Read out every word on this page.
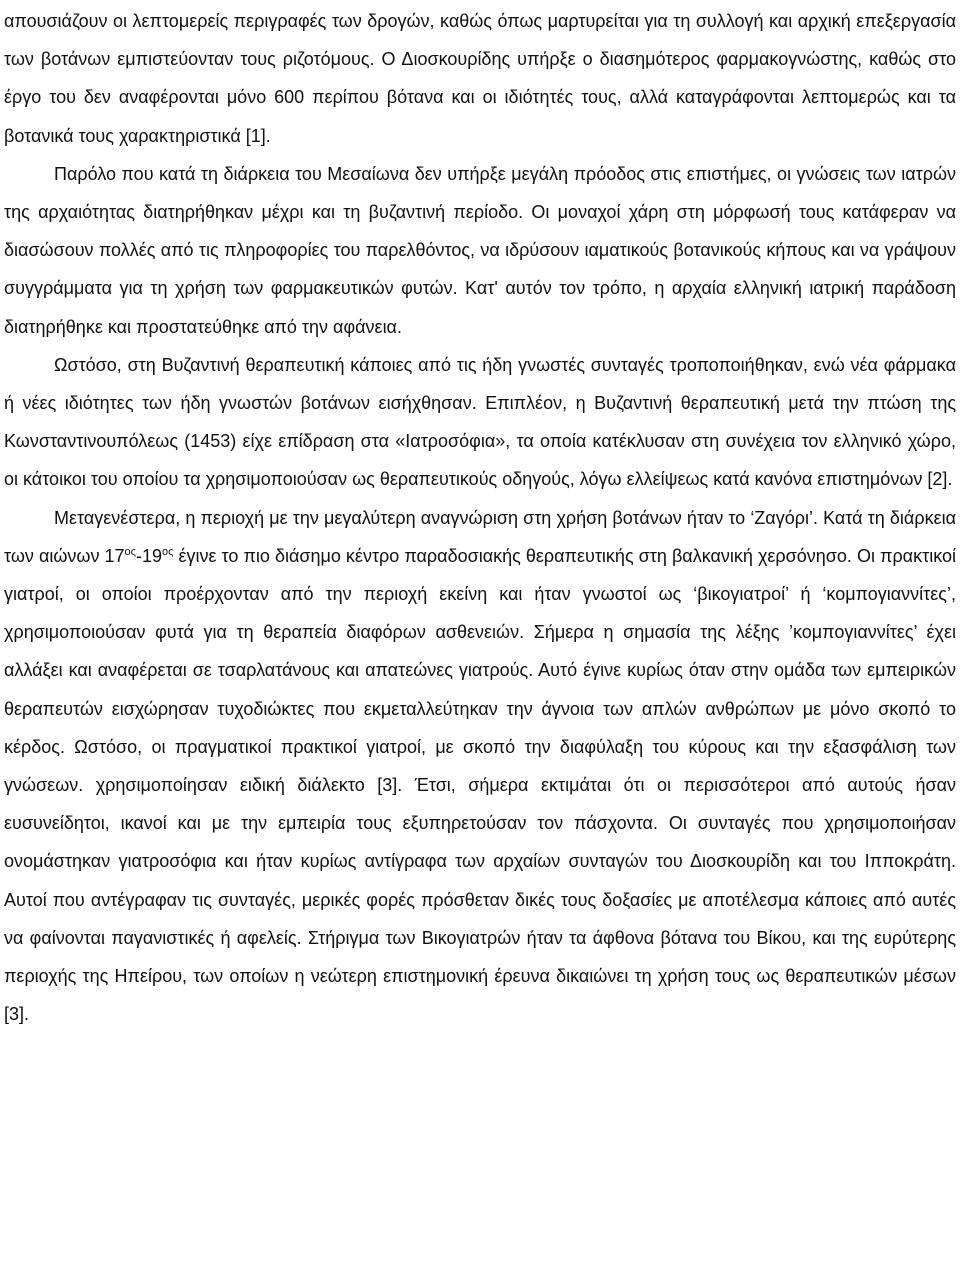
απουσιάζουν οι λεπτομερείς περιγραφές των δρογών, καθώς όπως μαρτυρείται για τη συλλογή και αρχική επεξεργασία των βοτάνων εμπιστεύονταν τους ριζοτόμους. Ο Διοσκουρίδης υπήρξε ο διασημότερος φαρμακογνώστης, καθώς στο έργο του δεν αναφέρονται μόνο 600 περίπου βότανα και οι ιδιότητές τους, αλλά καταγράφονται λεπτομερώς και τα βοτανικά τους χαρακτηριστικά [1].

Παρόλο που κατά τη διάρκεια του Μεσαίωνα δεν υπήρξε μεγάλη πρόοδος στις επιστήμες, οι γνώσεις των ιατρών της αρχαιότητας διατηρήθηκαν μέχρι και τη βυζαντινή περίοδο. Οι μοναχοί χάρη στη μόρφωσή τους κατάφεραν να διασώσουν πολλές από τις πληροφορίες του παρελθόντος, να ιδρύσουν ιαματικούς βοτανικούς κήπους και να γράψουν συγγράμματα για τη χρήση των φαρμακευτικών φυτών. Κατ' αυτόν τον τρόπο, η αρχαία ελληνική ιατρική παράδοση διατηρήθηκε και προστατεύθηκε από την αφάνεια.

Ωστόσο, στη Βυζαντινή θεραπευτική κάποιες από τις ήδη γνωστές συνταγές τροποποιήθηκαν, ενώ νέα φάρμακα ή νέες ιδιότητες των ήδη γνωστών βοτάνων εισήχθησαν. Επιπλέον, η Βυζαντινή θεραπευτική μετά την πτώση της Κωνσταντινουπόλεως (1453) είχε επίδραση στα «Ιατροσόφια», τα οποία κατέκλυσαν στη συνέχεια τον ελληνικό χώρο, οι κάτοικοι του οποίου τα χρησιμοποιούσαν ως θεραπευτικούς οδηγούς, λόγω ελλείψεως κατά κανόνα επιστημόνων [2].

Μεταγενέστερα, η περιοχή με την μεγαλύτερη αναγνώριση στη χρήση βοτάνων ήταν το ‘Ζαγόρι’. Κατά τη διάρκεια των αιώνων $17^{o\varsigma}-19^{o\varsigma}$ έγινε το πιο διάσημο κέντρο παραδοσιακής θεραπευτικής στη βαλκανική χερσόνησο. Οι πρακτικοί γιατροί, οι οποίοι προέρχονταν από την περιοχή εκείνη και ήταν γνωστοί ως ‘βικογιατροί’ ή ‘κομπογιαννίτες’, χρησιμοποιούσαν φυτά για τη θεραπεία διαφόρων ασθενειών. Σήμερα η σημασία της λέξης ’κομπογιαννίτες’ έχει αλλάξει και αναφέρεται σε τσαρλατάνους και απατεώνες γιατρούς. Αυτό έγινε κυρίως όταν στην ομάδα των εμπειρικών θεραπευτών εισχώρησαν τυχοδιώκτες που εκμεταλλεύτηκαν την άγνοια των απλών ανθρώπων με μόνο σκοπό το κέρδος. Ωστόσο, οι πραγματικοί πρακτικοί γιατροί, με σκοπό την διαφύλαξη του κύρους και την εξασφάλιση των γνώσεων. χρησιμοποίησαν ειδική διάλεκτο [3]. Έτσι, σήμερα εκτιμάται ότι οι περισσότεροι από αυτούς ήσαν ευσυνείδητοι, ικανοί και με την εμπειρία τους εξυπηρετούσαν τον πάσχοντα. Οι συνταγές που χρησιμοποιήσαν ονομάστηκαν γιατροσόφια και ήταν κυρίως αντίγραφα των αρχαίων συνταγών του Διοσκουρίδη και του Ιπποκράτη. Αυτοί που αντέγραφαν τις συνταγές, μερικές φορές πρόσθεταν δικές τους δοξασίες με αποτέλεσμα κάποιες από αυτές να φαίνονται παγανιστικές ή αφελείς. Στήριγμα των Βικογιατρών ήταν τα άφθονα βότανα του Βίκου, και της ευρύτερης περιοχής της Ηπείρου, των οποίων η νεώτερη επιστημονική έρευνα δικαιώνει τη χρήση τους ως θεραπευτικών μέσων [3].
